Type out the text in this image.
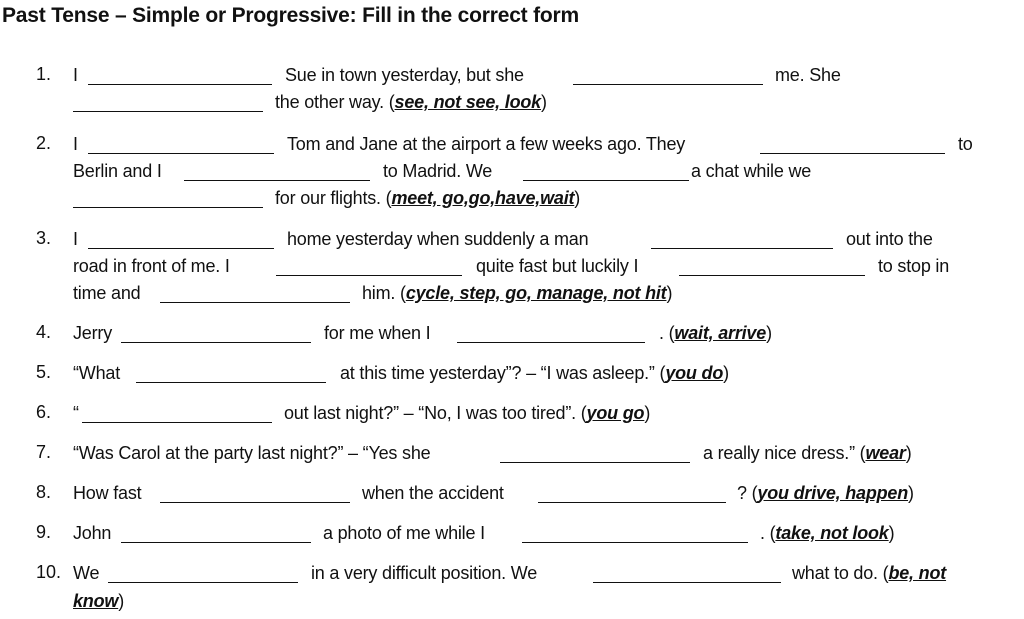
Past Tense – Simple or Progressive: Fill in the correct form
1. I	Sue in town yesterday, but she	me. She
the other way. (see, not see, look)
2. I	Tom and Jane at the airport a few weeks ago. They	to
Berlin and I	to Madrid. We	a chat while we
for our flights. (meet, go,go,have,wait)
3. I	home yesterday when suddenly a man	out into the
road in front of me. I	quite fast but luckily I	to stop in
time and	him. (cycle, step, go, manage, not hit)
4. Jerry	for me when I	. (wait, arrive)
5. “What	at this time yesterday”? – “I was asleep.” (you do)
6. “	out last night?” – “No, I was too tired”. (you go)
7. “Was Carol at the party last night?” – “Yes she	a really nice dress.” (wear)
8. How fast	when the accident	? (you drive, happen)
9. John	a photo of me while I	. (take, not look)
10. We	in a very difficult position. We	what to do. (be, not
know)
